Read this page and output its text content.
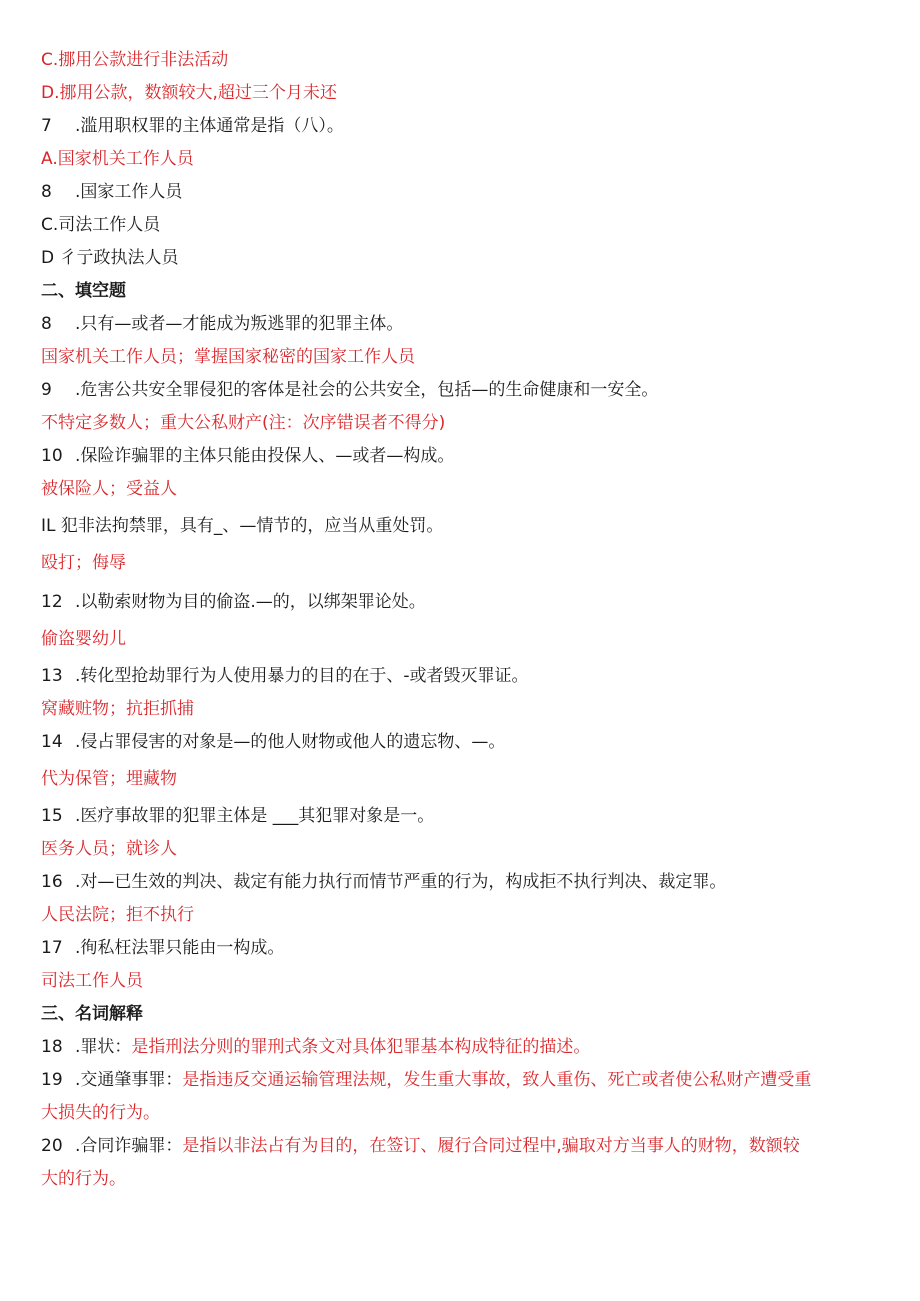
C.挪用公款进行非法活动
D.挪用公款，数额较大,超过三个月未还
7 .滥用职权罪的主体通常是指（八）。
A.国家机关工作人员
8 .国家工作人员
C.司法工作人员
D 彳亍政执法人员
二、填空题
8 .只有—或者—才能成为叛逃罪的犯罪主体。
国家机关工作人员；掌握国家秘密的国家工作人员
9 .危害公共安全罪侵犯的客体是社会的公共安全，包括—的生命健康和一安全。
不特定多数人；重大公私财产(注：次序错误者不得分)
10 .保险诈骗罪的主体只能由投保人、—或者—构成。
被保险人；受益人
IL 犯非法拘禁罪，具有_、—情节的，应当从重处罚。
殴打；侮辱
12 .以勒索财物为目的偷盗.—的，以绑架罪论处。
偷盗婴幼儿
13 .转化型抢劫罪行为人使用暴力的目的在于、-或者毁灭罪证。
窝藏赃物；抗拒抓捕
14 .侵占罪侵害的对象是—的他人财物或他人的遗忘物、—。
代为保管；埋藏物
15 .医疗事故罪的犯罪主体是 ___其犯罪对象是一。
医务人员；就诊人
16 .对—已生效的判决、裁定有能力执行而情节严重的行为，构成拒不执行判决、裁定罪。
人民法院；拒不执行
17 .徇私枉法罪只能由一构成。
司法工作人员
三、名词解释
18 .罪状：是指刑法分则的罪刑式条文对具体犯罪基本构成特征的描述。
19 .交通肇事罪：是指违反交通运输管理法规，发生重大事故，致人重伤、死亡或者使公私财产遭受重
大损失的行为。
20 .合同诈骗罪：是指以非法占有为目的，在签订、履行合同过程中,骗取对方当事人的财物，数额较
大的行为。
